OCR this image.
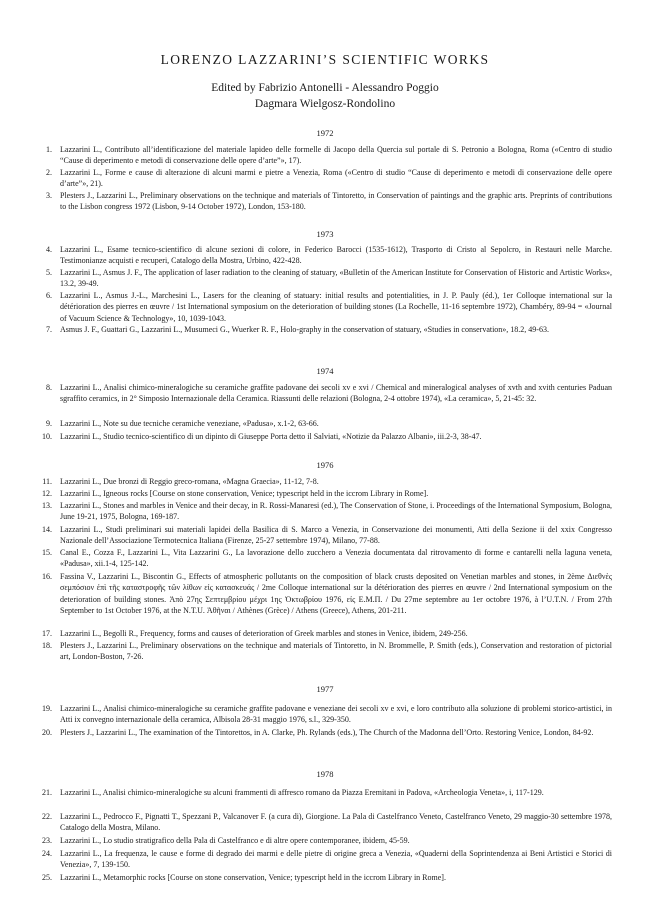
LORENZO LAZZARINI’S SCIENTIFIC WORKS
Edited by Fabrizio Antonelli - Alessandro Poggio
Dagmara Wielgosz-Rondolino
1972
1. Lazzarini L., Contributo all’identificazione del materiale lapideo delle formelle di Jacopo della Quercia sul portale di S. Petronio a Bologna, Roma («Centro di studio “Cause di deperimento e metodi di conservazione delle opere d’arte”», 17).
2. Lazzarini L., Forme e cause di alterazione di alcuni marmi e pietre a Venezia, Roma («Centro di studio “Cause di deperimento e metodi di conservazione delle opere d’arte”», 21).
3. Plesters J., Lazzarini L., Preliminary observations on the technique and materials of Tintoretto, in Conservation of paintings and the graphic arts. Preprints of contributions to the Lisbon congress 1972 (Lisbon, 9-14 October 1972), London, 153-180.
1973
4. Lazzarini L., Esame tecnico-scientifico di alcune sezioni di colore, in Federico Barocci (1535-1612), Trasporto di Cristo al Sepolcro, in Restauri nelle Marche. Testimonianze acquisti e recuperi, Catalogo della Mostra, Urbino, 422-428.
5. Lazzarini L., Asmus J. F., The application of laser radiation to the cleaning of statuary, «Bulletin of the American Institute for Conservation of Historic and Artistic Works», 13.2, 39-49.
6. Lazzarini L., Asmus J.-L., Marchesini L., Lasers for the cleaning of statuary: initial results and potentialities, in J. P. Pauly (éd.), 1er Colloque international sur la détérioration des pierres en œuvre / 1st International symposium on the deterioration of building stones (La Rochelle, 11-16 septembre 1972), Chambéry, 89-94 = «Journal of Vacuum Science & Technology», 10, 1039-1043.
7. Asmus J. F., Guattari G., Lazzarini L., Musumeci G., Wuerker R. F., Holo-graphy in the conservation of statuary, «Studies in conservation», 18.2, 49-63.
1974
8. Lazzarini L., Analisi chimico-mineralogiche su ceramiche graffite padovane dei secoli xv e xvi / Chemical and mineralogical analyses of xvth and xvith centuries Paduan sgraffito ceramics, in 2° Simposio Internazionale della Ceramica. Riassunti delle relazioni (Bologna, 2-4 ottobre 1974), «La ceramica», 5, 21-45: 32.
9. Lazzarini L., Note su due tecniche ceramiche veneziane, «Padusa», x.1-2, 63-66.
10. Lazzarini L., Studio tecnico-scientifico di un dipinto di Giuseppe Porta detto il Salviati, «Notizie da Palazzo Albani», iii.2-3, 38-47.
1976
11. Lazzarini L., Due bronzi di Reggio greco-romana, «Magna Graecia», 11-12, 7-8.
12. Lazzarini L., Igneous rocks [Course on stone conservation, Venice; typescript held in the iccrom Library in Rome].
13. Lazzarini L., Stones and marbles in Venice and their decay, in R. Rossi-Manaresi (ed.), The Conservation of Stone, i. Proceedings of the International Symposium, Bologna, June 19-21, 1975, Bologna, 169-187.
14. Lazzarini L., Studi preliminari sui materiali lapidei della Basilica di S. Marco a Venezia, in Conservazione dei monumenti, Atti della Sezione ii del xxix Congresso Nazionale dell’Associazione Termotecnica Italiana (Firenze, 25-27 settembre 1974), Milano, 77-88.
15. Canal E., Cozza F., Lazzarini L., Vita Lazzarini G., La lavorazione dello zucchero a Venezia documentata dal ritrovamento di forme e cantarelli nella laguna veneta, «Padusa», xii.1-4, 125-142.
16. Fassina V., Lazzarini L., Biscontin G., Effects of atmospheric pollutants on the composition of black crusts deposited on Venetian marbles and stones, in 2ème Διεθνὲς σεμπόσιον ἐπὶ τῆς καταστροφῆς τῶν λίθων εἰς κατασκευάς / 2me Colloque international sur la détérioration des pierres en œuvre / 2nd International symposium on the deterioration of building stones. Ἀπὸ 27ης Σεπτεμβρίου μέχρι 1ης Ὀκτωβρίου 1976, εἰς Ε.Μ.Π. / Du 27me septembre au 1er octobre 1976, à l’U.T.N. / From 27th September to 1st October 1976, at the N.T.U. Ἀθῆναι / Athènes (Grèce) / Athens (Greece), Athens, 201-211.
17. Lazzarini L., Begolli R., Frequency, forms and causes of deterioration of Greek marbles and stones in Venice, ibidem, 249-256.
18. Plesters J., Lazzarini L., Preliminary observations on the technique and materials of Tintoretto, in N. Brommelle, P. Smith (eds.), Conservation and restoration of pictorial art, London-Boston, 7-26.
1977
19. Lazzarini L., Analisi chimico-mineralogiche su ceramiche graffite padovane e veneziane dei secoli xv e xvi, e loro contributo alla soluzione di problemi storico-artistici, in Atti ix convegno internazionale della ceramica, Albisola 28-31 maggio 1976, s.l., 329-350.
20. Plesters J., Lazzarini L., The examination of the Tintorettos, in A. Clarke, Ph. Rylands (eds.), The Church of the Madonna dell’Orto. Restoring Venice, London, 84-92.
1978
21. Lazzarini L., Analisi chimico-mineralogiche su alcuni frammenti di affresco romano da Piazza Eremitani in Padova, «Archeologia Veneta», i, 117-129.
22. Lazzarini L., Pedrocco F., Pignatti T., Spezzani P., Valcanover F. (a cura di), Giorgione. La Pala di Castelfranco Veneto, Castelfranco Veneto, 29 maggio-30 settembre 1978, Catalogo della Mostra, Milano.
23. Lazzarini L., Lo studio stratigrafico della Pala di Castelfranco e di altre opere contemporanee, ibidem, 45-59.
24. Lazzarini L., La frequenza, le cause e forme di degrado dei marmi e delle pietre di origine greca a Venezia, «Quaderni della Soprintendenza ai Beni Artistici e Storici di Venezia», 7, 139-150.
25. Lazzarini L., Metamorphic rocks [Course on stone conservation, Venice; typescript held in the iccrom Library in Rome].
